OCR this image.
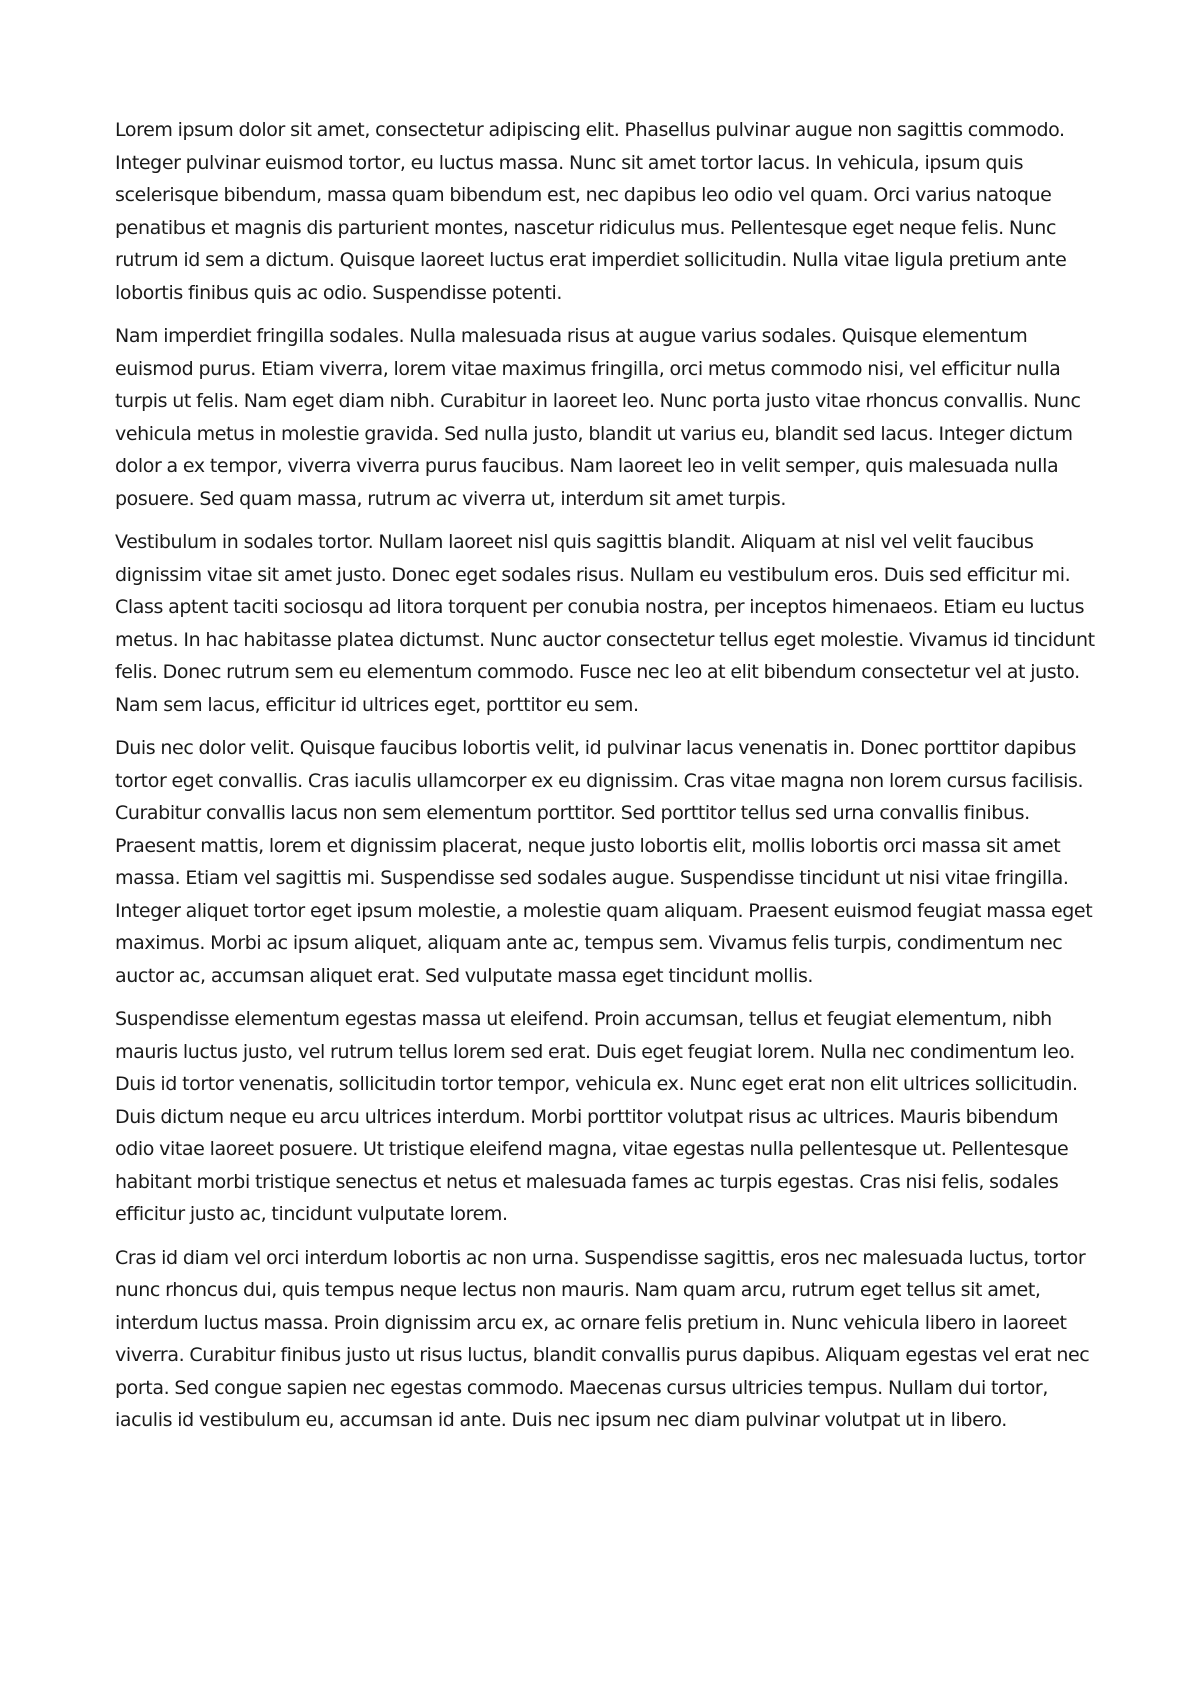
Lorem ipsum dolor sit amet, consectetur adipiscing elit. Phasellus pulvinar augue non sagittis commodo. Integer pulvinar euismod tortor, eu luctus massa. Nunc sit amet tortor lacus. In vehicula, ipsum quis scelerisque bibendum, massa quam bibendum est, nec dapibus leo odio vel quam. Orci varius natoque penatibus et magnis dis parturient montes, nascetur ridiculus mus. Pellentesque eget neque felis. Nunc rutrum id sem a dictum. Quisque laoreet luctus erat imperdiet sollicitudin. Nulla vitae ligula pretium ante lobortis finibus quis ac odio. Suspendisse potenti.

Nam imperdiet fringilla sodales. Nulla malesuada risus at augue varius sodales. Quisque elementum euismod purus. Etiam viverra, lorem vitae maximus fringilla, orci metus commodo nisi, vel efficitur nulla turpis ut felis. Nam eget diam nibh. Curabitur in laoreet leo. Nunc porta justo vitae rhoncus convallis. Nunc vehicula metus in molestie gravida. Sed nulla justo, blandit ut varius eu, blandit sed lacus. Integer dictum dolor a ex tempor, viverra viverra purus faucibus. Nam laoreet leo in velit semper, quis malesuada nulla posuere. Sed quam massa, rutrum ac viverra ut, interdum sit amet turpis.

Vestibulum in sodales tortor. Nullam laoreet nisl quis sagittis blandit. Aliquam at nisl vel velit faucibus dignissim vitae sit amet justo. Donec eget sodales risus. Nullam eu vestibulum eros. Duis sed efficitur mi. Class aptent taciti sociosqu ad litora torquent per conubia nostra, per inceptos himenaeos. Etiam eu luctus metus. In hac habitasse platea dictumst. Nunc auctor consectetur tellus eget molestie. Vivamus id tincidunt felis. Donec rutrum sem eu elementum commodo. Fusce nec leo at elit bibendum consectetur vel at justo. Nam sem lacus, efficitur id ultrices eget, porttitor eu sem.

Duis nec dolor velit. Quisque faucibus lobortis velit, id pulvinar lacus venenatis in. Donec porttitor dapibus tortor eget convallis. Cras iaculis ullamcorper ex eu dignissim. Cras vitae magna non lorem cursus facilisis. Curabitur convallis lacus non sem elementum porttitor. Sed porttitor tellus sed urna convallis finibus. Praesent mattis, lorem et dignissim placerat, neque justo lobortis elit, mollis lobortis orci massa sit amet massa. Etiam vel sagittis mi. Suspendisse sed sodales augue. Suspendisse tincidunt ut nisi vitae fringilla. Integer aliquet tortor eget ipsum molestie, a molestie quam aliquam. Praesent euismod feugiat massa eget maximus. Morbi ac ipsum aliquet, aliquam ante ac, tempus sem. Vivamus felis turpis, condimentum nec auctor ac, accumsan aliquet erat. Sed vulputate massa eget tincidunt mollis.

Suspendisse elementum egestas massa ut eleifend. Proin accumsan, tellus et feugiat elementum, nibh mauris luctus justo, vel rutrum tellus lorem sed erat. Duis eget feugiat lorem. Nulla nec condimentum leo. Duis id tortor venenatis, sollicitudin tortor tempor, vehicula ex. Nunc eget erat non elit ultrices sollicitudin. Duis dictum neque eu arcu ultrices interdum. Morbi porttitor volutpat risus ac ultrices. Mauris bibendum odio vitae laoreet posuere. Ut tristique eleifend magna, vitae egestas nulla pellentesque ut. Pellentesque habitant morbi tristique senectus et netus et malesuada fames ac turpis egestas. Cras nisi felis, sodales efficitur justo ac, tincidunt vulputate lorem.

Cras id diam vel orci interdum lobortis ac non urna. Suspendisse sagittis, eros nec malesuada luctus, tortor nunc rhoncus dui, quis tempus neque lectus non mauris. Nam quam arcu, rutrum eget tellus sit amet, interdum luctus massa. Proin dignissim arcu ex, ac ornare felis pretium in. Nunc vehicula libero in laoreet viverra. Curabitur finibus justo ut risus luctus, blandit convallis purus dapibus. Aliquam egestas vel erat nec porta. Sed congue sapien nec egestas commodo. Maecenas cursus ultricies tempus. Nullam dui tortor, iaculis id vestibulum eu, accumsan id ante. Duis nec ipsum nec diam pulvinar volutpat ut in libero.
